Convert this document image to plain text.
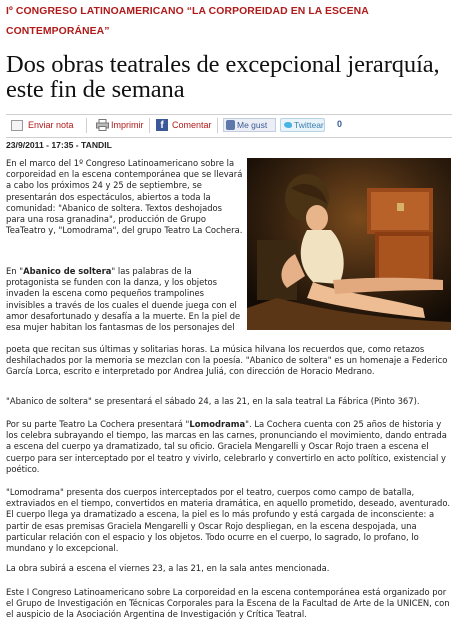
Iº CONGRESO LATINOAMERICANO “LA CORPOREIDAD EN LA ESCENA CONTEMPORÁNEA”
Dos obras teatrales de excepcional jerarquía, este fin de semana
Enviar nota	Imprimir	f Comentar	Me gust	Twittear 0
23/9/2011 - 17:35 - TANDIL

En el marco del 1º Congreso Latinoamericano sobre la corporeidad en la escena contemporánea que se llevará a cabo los próximos 24 y 25 de septiembre, se presentarán dos espectáculos, abiertos a toda la comunidad: "Abanico de soltera. Textos deshojados para una rosa granadina", producción de Grupo TeaTeatro y, "Lomodrama", del grupo Teatro La Cochera.

En "Abanico de soltera" las palabras de la protagonista se funden con la danza, y los objetos invaden la escena como pequeños trampolines invisibles a través de los cuales el duende juega con el amor desafortunado y desafía a la muerte. En la piel de esa mujer habitan los fantasmas de los personajes del

poeta que recitan sus últimas y solitarias horas. La música hilvana los recuerdos que, como retazos deshilachados por la memoria se mezclan con la poesía. "Abanico de soltera" es un homenaje a Federico García Lorca, escrito e interpretado por Andrea Juliá, con dirección de Horacio Medrano.

"Abanico de soltera" se presentará el sábado 24, a las 21, en la sala teatral La Fábrica (Pinto 367).

Por su parte Teatro La Cochera presentará "Lomodrama". La Cochera cuenta con 25 años de historia y los celebra subrayando el tiempo, las marcas en las carnes, pronunciando el movimiento, dando entrada a escena del cuerpo ya dramatizado, tal su oficio. Graciela Mengarelli y Oscar Rojo traen a escena el cuerpo para ser interceptado por el teatro y vivirlo, celebrarlo y convertirlo en acto político, existencial y poético.

"Lomodrama" presenta dos cuerpos interceptados por el teatro, cuerpos como campo de batalla, extraviados en el tiempo, convertidos en materia dramática, en aquello prometido, deseado, aventurado. El cuerpo llega ya dramatizado a escena, la piel es lo más profundo y está cargada de inconsciente: a partir de esas premisas Graciela Mengarelli y Oscar Rojo despliegan, en la escena despojada, una particular relación con el espacio y los objetos. Todo ocurre en el cuerpo, lo sagrado, lo profano, lo mundano y lo excepcional.

La obra subirá a escena el viernes 23, a las 21, en la sala antes mencionada.

Este I Congreso Latinoamericano sobre La corporeidad en la escena contemporánea está organizado por el Grupo de Investigación en Técnicas Corporales para la Escena de la Facultad de Arte de la UNICEN, con el auspicio de la Asociación Argentina de Investigación y Crítica Teatral.
